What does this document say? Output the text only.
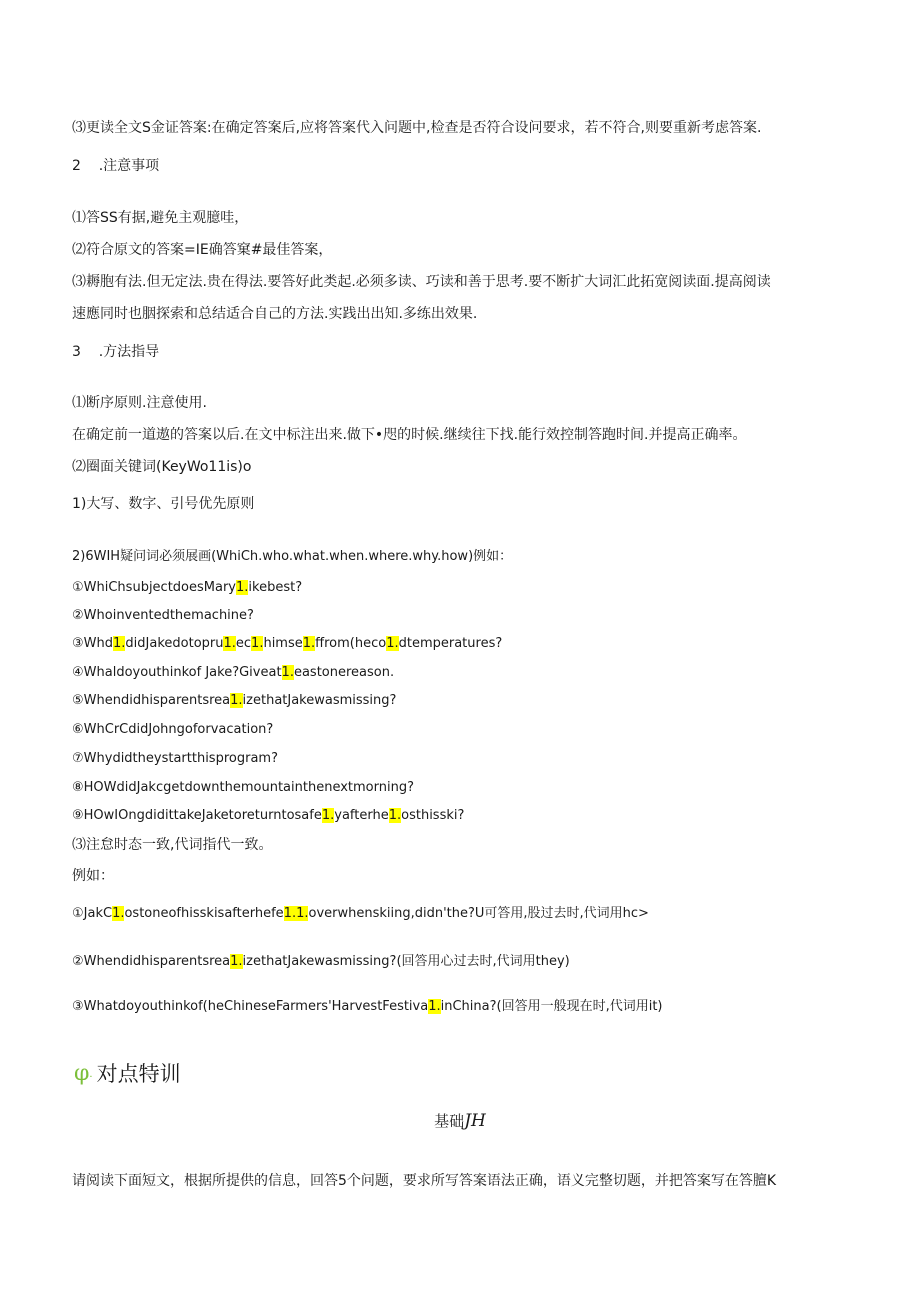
⑶更读全文S金证答案:在确定答案后,应将答案代入问题中,检查是否符合设问要求，若不符合,则要重新考虑答案.
2    .注意事项
⑴答SS有据,避免主观臆哇，
⑵符合原文的答案=IE确答窠#最佳答案，
⑶耨胞有法.但无定法.贵在得法.要答好此类起.必须多读、巧读和善于思考.要不断扩大词汇此拓宽阅读面.提高阅读
速應同时也胭探索和总结适合自己的方法.实践出出知.多练出效果.
3    .方法指导
⑴断序原则.注意使用.
在确定前一道遨的答案以后.在文中标注出来.做下•咫的时候.继续往下找.能行效控制答跑时间.并提高正确率。
⑵圈面关键词(KeyWo11is)o
1)大写、数字、引号优先原则
2)6WIH疑问词必须展画(WhiCh.who.what.when.where.why.how)例如：
①WhiChsubjectdoesMary1.ikebest?
②Whoinventedthemachine?
③Whd1.didJakedotopru1.ec1.himse1.ffrom(heco1.dtemperatures?
④Whaldoyouthinkof Jake?Giveat1.eastonereason.
⑤Whendidhisparentsrea1.izethatJakewasmissing?
⑥WhCrCdidJohngoforvacation?
⑦Whydidtheystartthisprogram?
⑧HOWdidJakcgetdownthemountainthenextmorning?
⑨HOwIOngdidittakeJaketoreturntosafe1.yafterhe1.osthisski?
⑶注怠时态一致,代词指代一致。
例如：
①JakC1.ostoneofhisskisafterhefe1.1.overwhenskiing,didn'the?U可答用,股过去时,代词用hc>
②Whendidhisparentsrea1.izethatJakewasmissing?(回答用心过去时,代词用they)
③Whatdoyouthinkof(heChineseFarmers'HarvestFestiva1.inChina?(回答用一般现在时,代词用it)
φ· 对点特训
基础JH
请阅读下面短文，根据所提供的信息，回答5个问题，要求所写答案语法正确，语义完整切题，并把答案写在答膻K
